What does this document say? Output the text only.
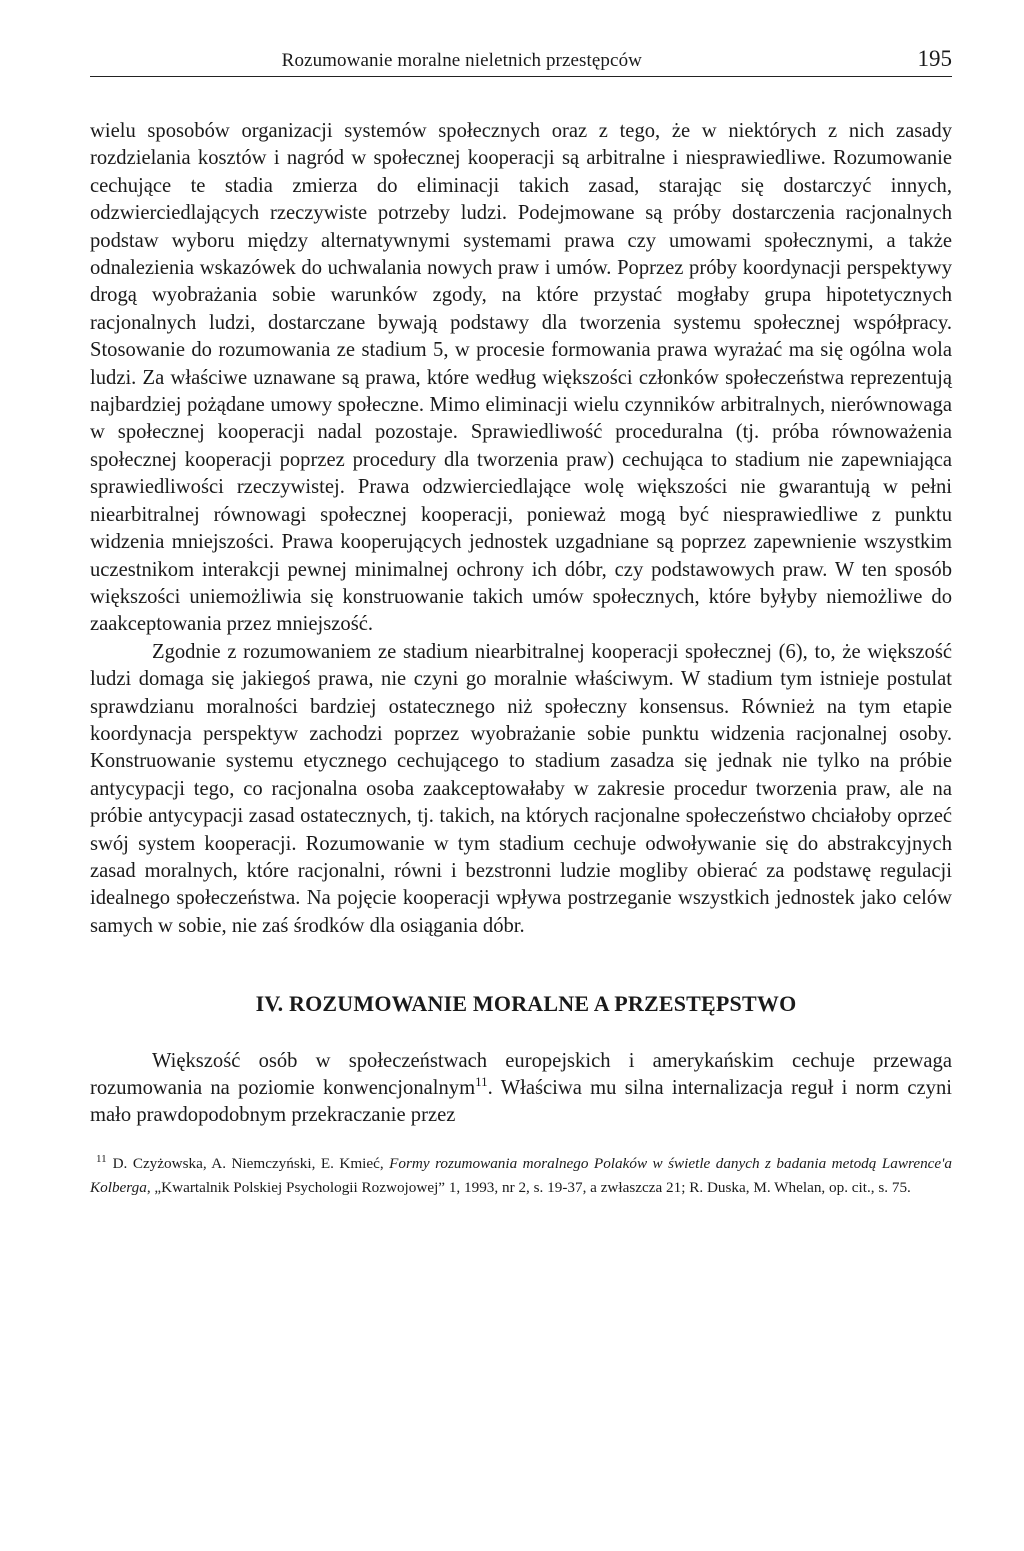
Rozumowanie moralne nieletnich przestępców	195

wielu sposobów organizacji systemów społecznych oraz z tego, że w niektórych z nich zasady rozdzielania kosztów i nagród w społecznej kooperacji są arbitralne i niesprawiedliwe. Rozumowanie cechujące te stadia zmierza do eliminacji takich zasad, starając się dostarczyć innych, odzwierciedlających rzeczywiste potrzeby ludzi. Podejmowane są próby dostarczenia racjonalnych podstaw wyboru między alternatywnymi systemami prawa czy umowami społecznymi, a także odnalezienia wskazówek do uchwalania nowych praw i umów. Poprzez próby koordynacji perspektywy drogą wyobrażania sobie warunków zgody, na które przystać mogłaby grupa hipotetycznych racjonalnych ludzi, dostarczane bywają podstawy dla tworzenia systemu społecznej współpracy. Stosowanie do rozumowania ze stadium 5, w procesie formowania prawa wyrażać ma się ogólna wola ludzi. Za właściwe uznawane są prawa, które według większości członków społeczeństwa reprezentują najbardziej pożądane umowy społeczne. Mimo eliminacji wielu czynników arbitralnych, nierównowaga w społecznej kooperacji nadal pozostaje. Sprawiedliwość proceduralna (tj. próba równoważenia społecznej kooperacji poprzez procedury dla tworzenia praw) cechująca to stadium nie zapewniająca sprawiedliwości rzeczywistej. Prawa odzwierciedlające wolę większości nie gwarantują w pełni niearbitralnej równowagi społecznej kooperacji, ponieważ mogą być niesprawiedliwe z punktu widzenia mniejszości. Prawa kooperujących jednostek uzgadniane są poprzez zapewnienie wszystkim uczestnikom interakcji pewnej minimalnej ochrony ich dóbr, czy podstawowych praw. W ten sposób większości uniemożliwia się konstruowanie takich umów społecznych, które byłyby niemożliwe do zaakceptowania przez mniejszość.

Zgodnie z rozumowaniem ze stadium niearbitralnej kooperacji społecznej (6), to, że większość ludzi domaga się jakiegoś prawa, nie czyni go moralnie właściwym. W stadium tym istnieje postulat sprawdzianu moralności bardziej ostatecznego niż społeczny konsensus. Również na tym etapie koordynacja perspektyw zachodzi poprzez wyobrażanie sobie punktu widzenia racjonalnej osoby. Konstruowanie systemu etycznego cechującego to stadium zasadza się jednak nie tylko na próbie antycypacji tego, co racjonalna osoba zaakceptowałaby w zakresie procedur tworzenia praw, ale na próbie antycypacji zasad ostatecznych, tj. takich, na których racjonalne społeczeństwo chciałoby oprzeć swój system kooperacji. Rozumowanie w tym stadium cechuje odwoływanie się do abstrakcyjnych zasad moralnych, które racjonalni, równi i bezstronni ludzie mogliby obierać za podstawę regulacji idealnego społeczeństwa. Na pojęcie kooperacji wpływa postrzeganie wszystkich jednostek jako celów samych w sobie, nie zaś środków dla osiągania dóbr.

IV. ROZUMOWANIE MORALNE A PRZESTĘPSTWO

Większość osób w społeczeństwach europejskich i amerykańskim cechuje przewaga rozumowania na poziomie konwencjonalnym$^{11}$. Właściwa mu silna internalizacja reguł i norm czyni mało prawdopodobnym przekraczanie przez

$^{11}$ D. Czyżowska, A. Niemczyński, E. Kmieć, Formy rozumowania moralnego Polaków w świetle danych z badania metodą Lawrence'a Kolberga, „Kwartalnik Polskiej Psychologii Rozwojowej” 1, 1993, nr 2, s. 19-37, a zwłaszcza 21; R. Duska, M. Whelan, op. cit., s. 75.
